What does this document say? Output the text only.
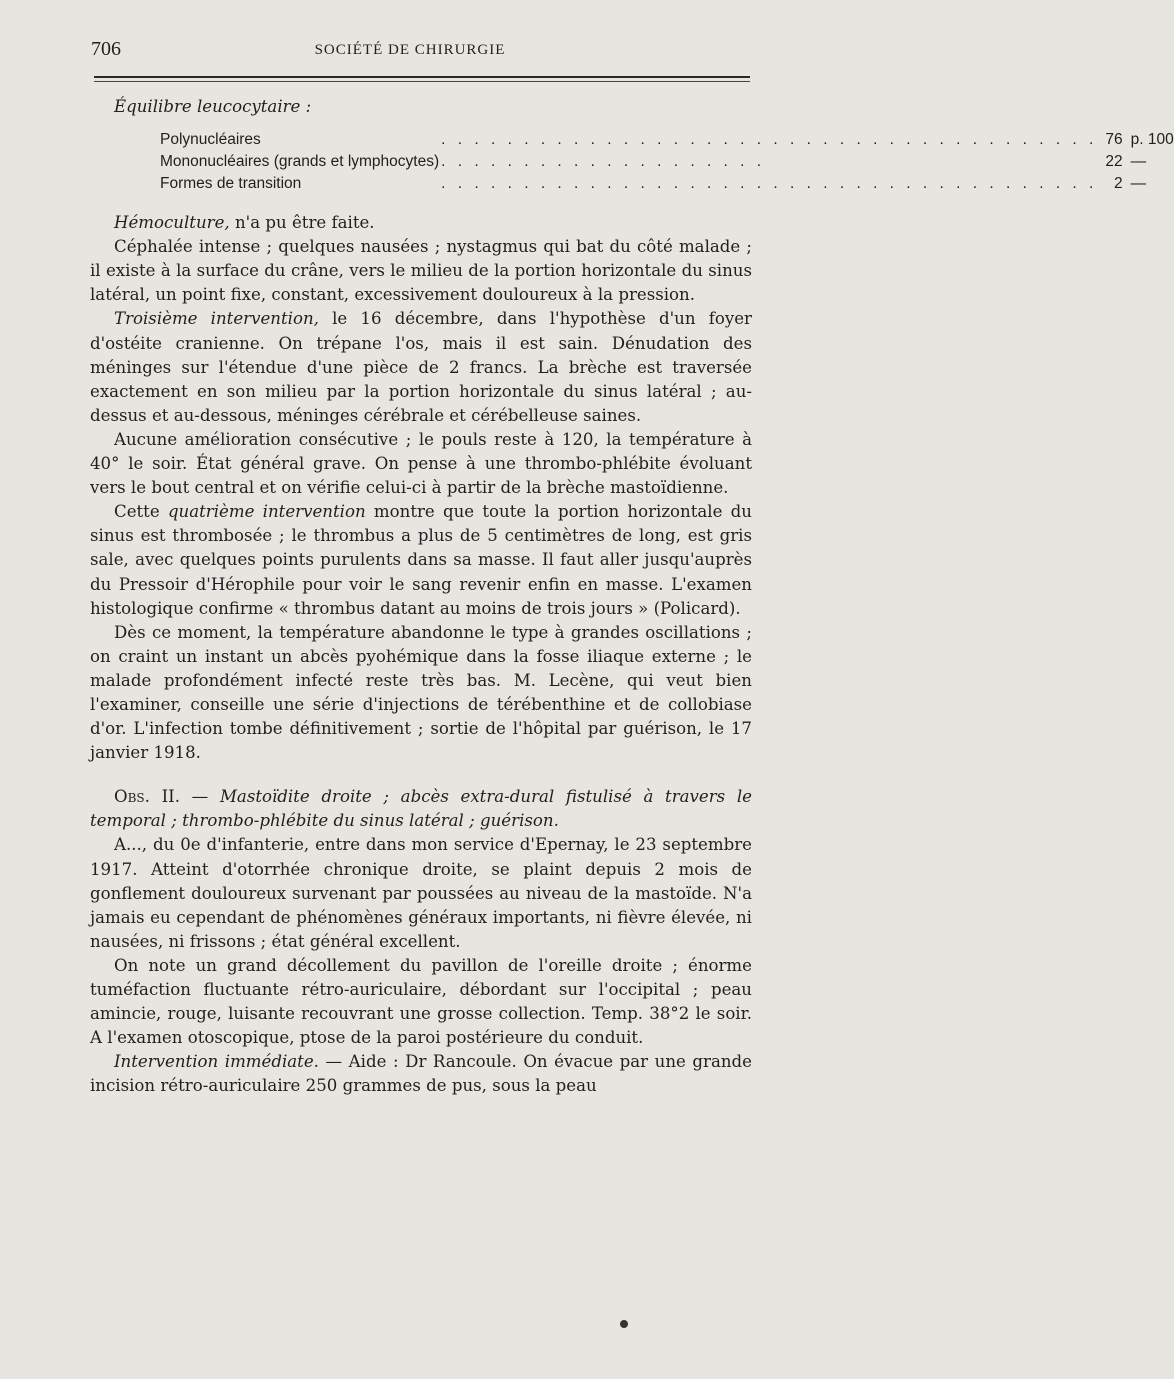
706	SOCIÉTÉ DE CHIRURGIE
Équilibre leucocytaire :
Polynucléaires	. . . . . . . . . . . . . . . . . . . . . . . . . . . . . . . . . . . . . . . .	76	p. 100
Mononucléaires (grands et lymphocytes)	. . . . . . . . . . . . . . . . . . . .	22	—
Formes de transition	. . . . . . . . . . . . . . . . . . . . . . . . . . . . . . . . . . . . . . . .	2	—

Hémoculture, n'a pu être faite.

Céphalée intense ; quelques nausées ; nystagmus qui bat du côté malade ; il existe à la surface du crâne, vers le milieu de la portion horizontale du sinus latéral, un point fixe, constant, excessivement douloureux à la pression.

Troisième intervention, le 16 décembre, dans l'hypothèse d'un foyer d'ostéite cranienne. On trépane l'os, mais il est sain. Dénudation des méninges sur l'étendue d'une pièce de 2 francs. La brèche est traversée exactement en son milieu par la portion horizontale du sinus latéral ; au-dessus et au-dessous, méninges cérébrale et cérébelleuse saines.

Aucune amélioration consécutive ; le pouls reste à 120, la température à 40° le soir. État général grave. On pense à une thrombo-phlébite évoluant vers le bout central et on vérifie celui-ci à partir de la brèche mastoïdienne.

Cette quatrième intervention montre que toute la portion horizontale du sinus est thrombosée ; le thrombus a plus de 5 centimètres de long, est gris sale, avec quelques points purulents dans sa masse. Il faut aller jusqu'auprès du Pressoir d'Hérophile pour voir le sang revenir enfin en masse. L'examen histologique confirme « thrombus datant au moins de trois jours » (Policard).

Dès ce moment, la température abandonne le type à grandes oscillations ; on craint un instant un abcès pyohémique dans la fosse iliaque externe ; le malade profondément infecté reste très bas. M. Lecène, qui veut bien l'examiner, conseille une série d'injections de térébenthine et de collobiase d'or. L'infection tombe définitivement ; sortie de l'hôpital par guérison, le 17 janvier 1918.

Obs. II. — Mastoïdite droite ; abcès extra-dural fistulisé à travers le temporal ; thrombo-phlébite du sinus latéral ; guérison.

A..., du 0e d'infanterie, entre dans mon service d'Epernay, le 23 septembre 1917. Atteint d'otorrhée chronique droite, se plaint depuis 2 mois de gonflement douloureux survenant par poussées au niveau de la mastoïde. N'a jamais eu cependant de phénomènes généraux importants, ni fièvre élevée, ni nausées, ni frissons ; état général excellent.

On note un grand décollement du pavillon de l'oreille droite ; énorme tuméfaction fluctuante rétro-auriculaire, débordant sur l'occipital ; peau amincie, rouge, luisante recouvrant une grosse collection. Temp. 38°2 le soir. A l'examen otoscopique, ptose de la paroi postérieure du conduit.

Intervention immédiate. — Aide : Dr Rancoule. On évacue par une grande incision rétro-auriculaire 250 grammes de pus, sous la peau
